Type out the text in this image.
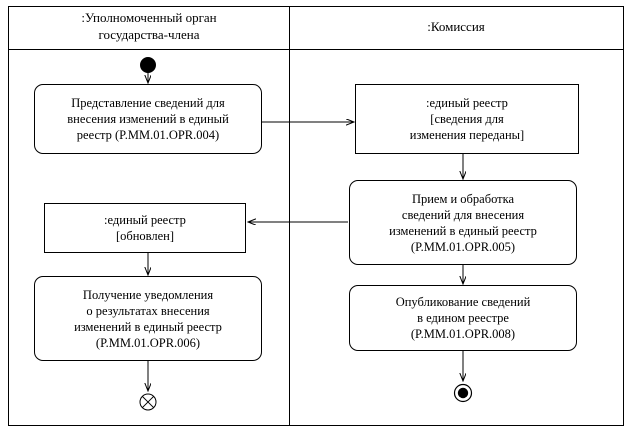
:Уполномоченный орган
государства-члена
:Комиссия
Представление сведений для
внесения изменений в единый
реестр (P.MM.01.OPR.004)
:единый реестр
[сведения для
изменения переданы]
Прием и обработка
сведений для внесения
изменений в единый реестр
(P.MM.01.OPR.005)
:единый реестр
[обновлен]
Получение уведомления
о результатах внесения
изменений в единый реестр
(P.MM.01.OPR.006)
Опубликование сведений
в едином реестре
(P.MM.01.OPR.008)
